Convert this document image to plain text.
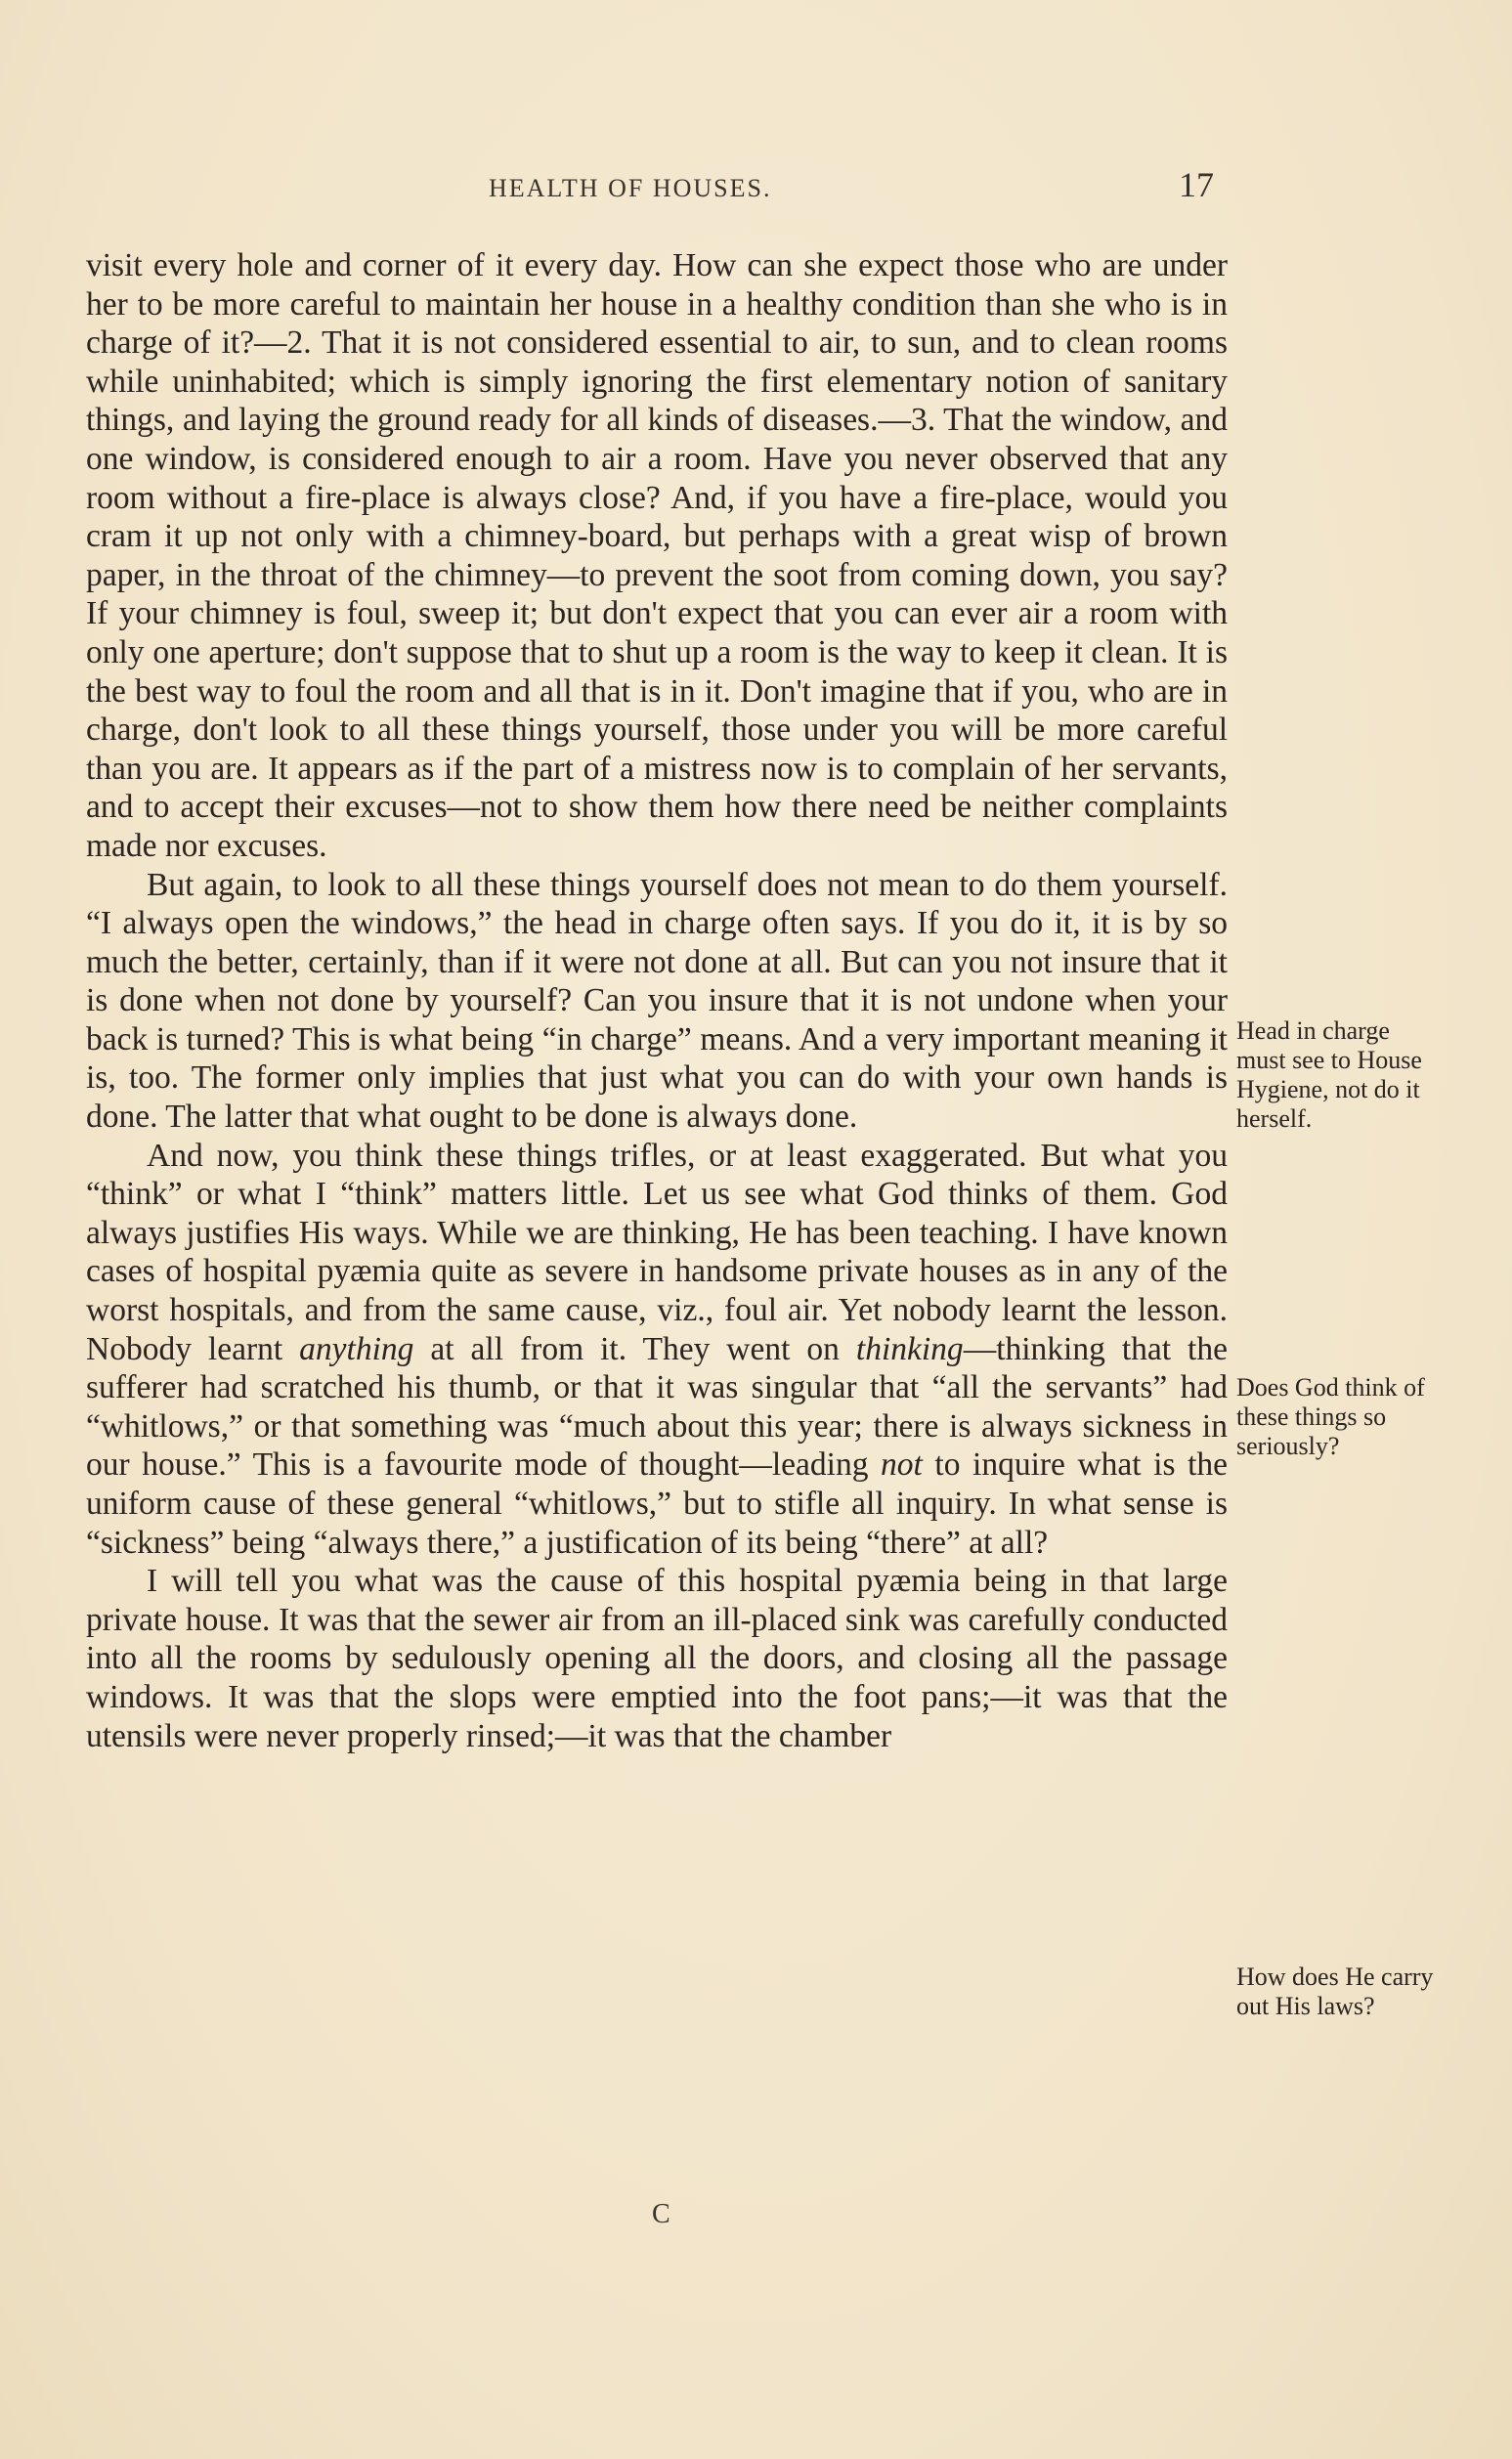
HEALTH OF HOUSES.	17

visit every hole and corner of it every day. How can she expect those who are under her to be more careful to maintain her house in a healthy condition than she who is in charge of it?—2. That it is not considered essential to air, to sun, and to clean rooms while uninhabited; which is simply ignoring the first elementary notion of sanitary things, and laying the ground ready for all kinds of diseases.—3. That the window, and one window, is considered enough to air a room. Have you never observed that any room without a fire-place is always close? And, if you have a fire-place, would you cram it up not only with a chimney-board, but perhaps with a great wisp of brown paper, in the throat of the chimney—to prevent the soot from coming down, you say? If your chimney is foul, sweep it; but don't expect that you can ever air a room with only one aperture; don't suppose that to shut up a room is the way to keep it clean. It is the best way to foul the room and all that is in it. Don't imagine that if you, who are in charge, don't look to all these things yourself, those under you will be more careful than you are. It appears as if the part of a mistress now is to complain of her servants, and to accept their excuses—not to show them how there need be neither complaints made nor excuses.

But again, to look to all these things yourself does not mean to do them yourself. “I always open the windows,” the head in charge often says. If you do it, it is by so much the better, certainly, than if it were not done at all. But can you not insure that it is done when not done by yourself? Can you insure that it is not undone when your back is turned? This is what being “in charge” means. And a very important meaning it is, too. The former only implies that just what you can do with your own hands is done. The latter that what ought to be done is always done.

And now, you think these things trifles, or at least exaggerated. But what you “think” or what I “think” matters little. Let us see what God thinks of them. God always justifies His ways. While we are thinking, He has been teaching. I have known cases of hospital pyæmia quite as severe in handsome private houses as in any of the worst hospitals, and from the same cause, viz., foul air. Yet nobody learnt the lesson. Nobody learnt anything at all from it. They went on thinking—thinking that the sufferer had scratched his thumb, or that it was singular that “all the servants” had “whitlows,” or that something was “much about this year; there is always sickness in our house.” This is a favourite mode of thought—leading not to inquire what is the uniform cause of these general “whitlows,” but to stifle all inquiry. In what sense is “sickness” being “always there,” a justification of its being “there” at all?

I will tell you what was the cause of this hospital pyæmia being in that large private house. It was that the sewer air from an ill-placed sink was carefully conducted into all the rooms by sedulously opening all the doors, and closing all the passage windows. It was that the slops were emptied into the foot pans;—it was that the utensils were never properly rinsed;—it was that the chamber

Head in charge must see to House Hygiene, not do it herself.
Does God think of these things so seriously?
How does He carry out His laws?
C
